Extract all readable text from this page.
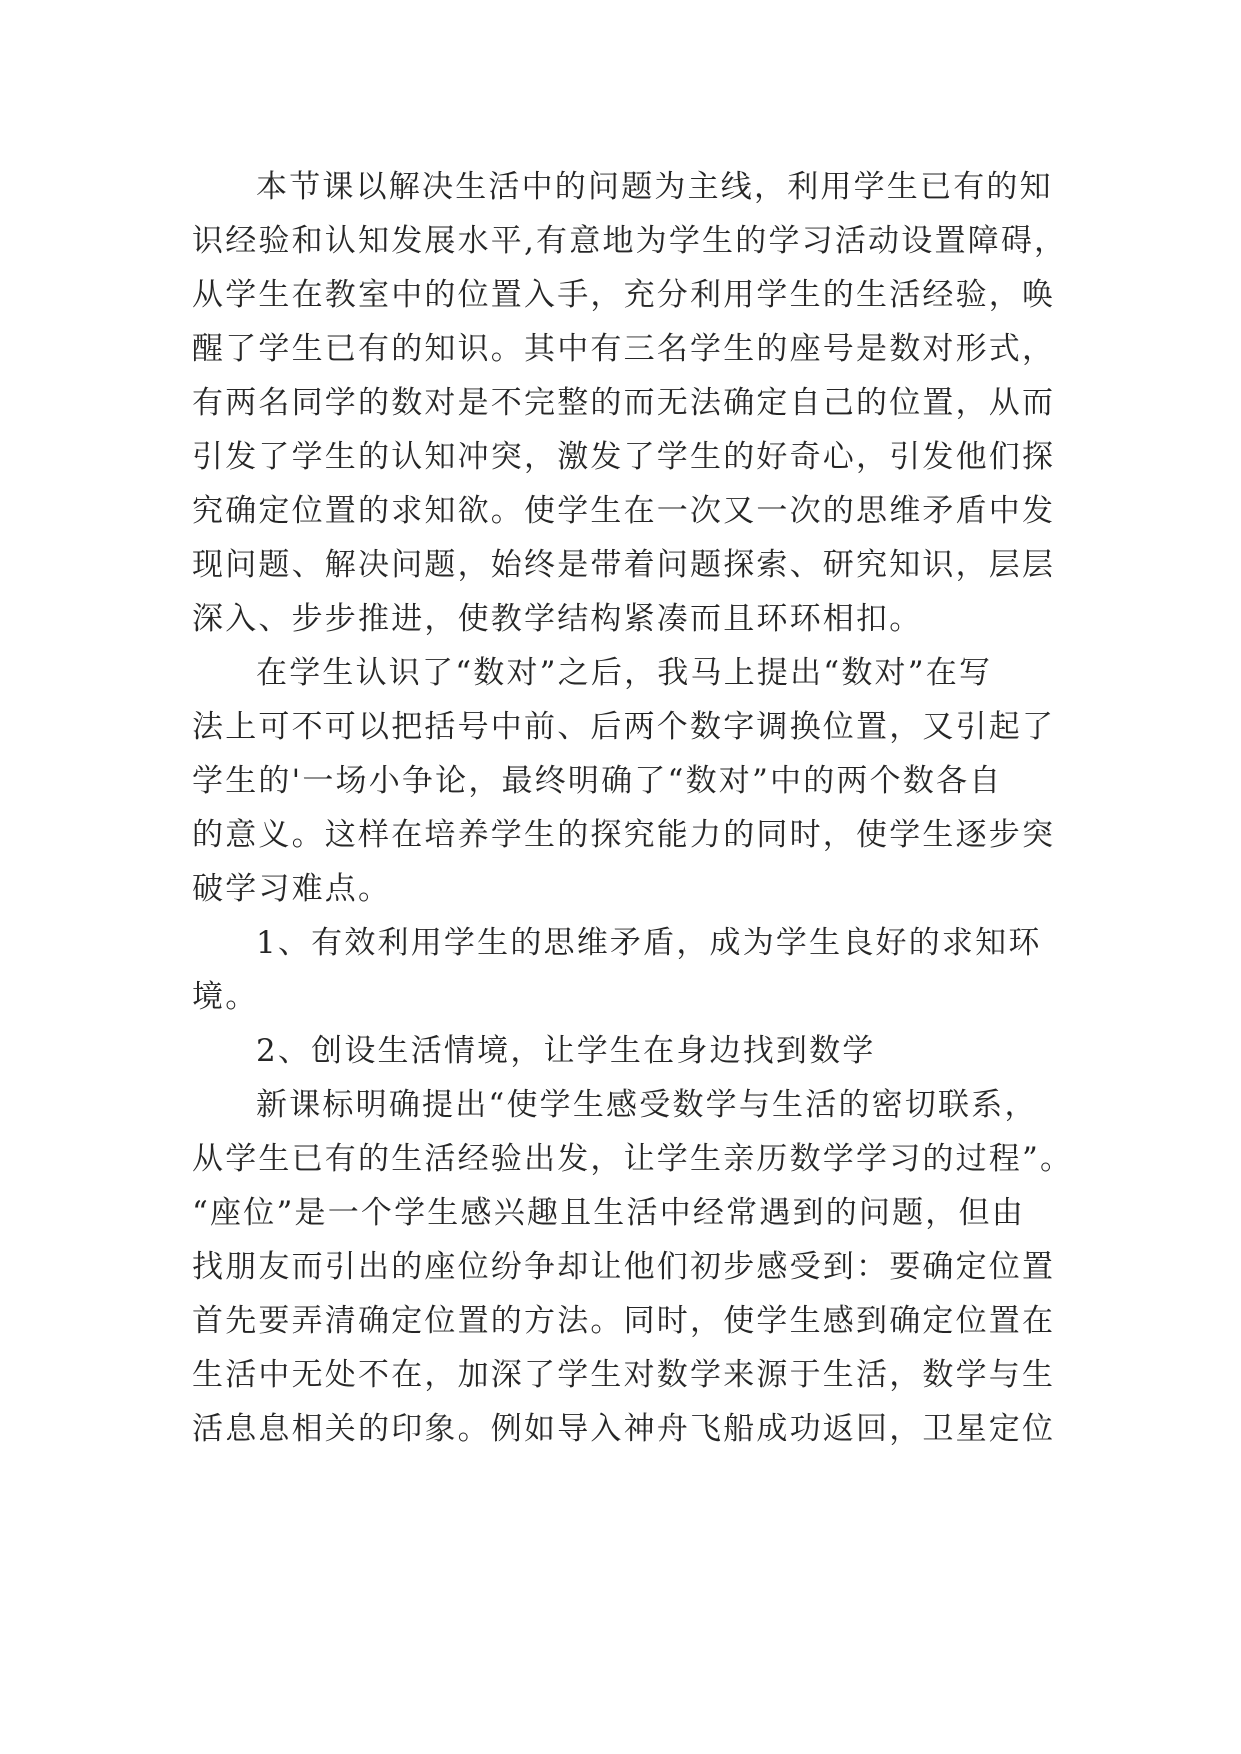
本节课以解决生活中的问题为主线，利用学生已有的知
识经验和认知发展水平,有意地为学生的学习活动设置障碍，
从学生在教室中的位置入手，充分利用学生的生活经验，唤
醒了学生已有的知识。其中有三名学生的座号是数对形式，
有两名同学的数对是不完整的而无法确定自己的位置，从而
引发了学生的认知冲突，激发了学生的好奇心，引发他们探
究确定位置的求知欲。使学生在一次又一次的思维矛盾中发
现问题、解决问题，始终是带着问题探索、研究知识，层层
深入、步步推进，使教学结构紧凑而且环环相扣。
在学生认识了“数对”之后，我马上提出“数对”在写
法上可不可以把括号中前、后两个数字调换位置，又引起了
学生的'一场小争论，最终明确了“数对”中的两个数各自
的意义。这样在培养学生的探究能力的同时，使学生逐步突
破学习难点。
1、有效利用学生的思维矛盾，成为学生良好的求知环
境。
2、创设生活情境，让学生在身边找到数学
新课标明确提出“使学生感受数学与生活的密切联系，
从学生已有的生活经验出发，让学生亲历数学学习的过程”。
“座位”是一个学生感兴趣且生活中经常遇到的问题，但由
找朋友而引出的座位纷争却让他们初步感受到：要确定位置
首先要弄清确定位置的方法。同时，使学生感到确定位置在
生活中无处不在，加深了学生对数学来源于生活，数学与生
活息息相关的印象。例如导入神舟飞船成功返回，卫星定位
